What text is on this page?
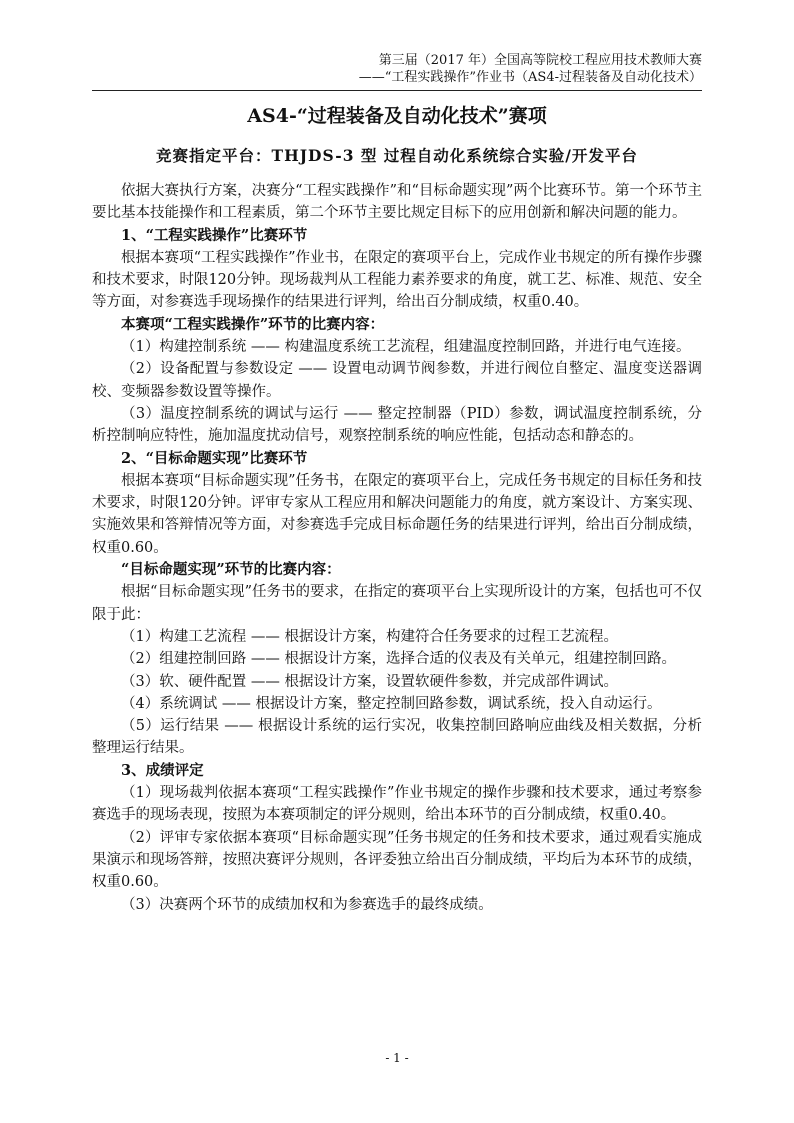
第三届（2017 年）全国高等院校工程应用技术教师大赛
——“工程实践操作”作业书（AS4-过程装备及自动化技术）
AS4-“过程装备及自动化技术”赛项
竞赛指定平台：THJDS-3 型 过程自动化系统综合实验/开发平台

依据大赛执行方案，决赛分“工程实践操作”和“目标命题实现”两个比赛环节。第一个环节主要比基本技能操作和工程素质，第二个环节主要比规定目标下的应用创新和解决问题的能力。

1、“工程实践操作”比赛环节

根据本赛项“工程实践操作”作业书，在限定的赛项平台上，完成作业书规定的所有操作步骤和技术要求，时限120分钟。现场裁判从工程能力素养要求的角度，就工艺、标准、规范、安全等方面，对参赛选手现场操作的结果进行评判，给出百分制成绩，权重0.40。

本赛项“工程实践操作”环节的比赛内容：

（1）构建控制系统 —— 构建温度系统工艺流程，组建温度控制回路，并进行电气连接。

（2）设备配置与参数设定 —— 设置电动调节阀参数，并进行阀位自整定、温度变送器调校、变频器参数设置等操作。

（3）温度控制系统的调试与运行 —— 整定控制器（PID）参数，调试温度控制系统，分析控制响应特性，施加温度扰动信号，观察控制系统的响应性能，包括动态和静态的。

2、“目标命题实现”比赛环节

根据本赛项“目标命题实现”任务书，在限定的赛项平台上，完成任务书规定的目标任务和技术要求，时限120分钟。评审专家从工程应用和解决问题能力的角度，就方案设计、方案实现、实施效果和答辩情况等方面，对参赛选手完成目标命题任务的结果进行评判，给出百分制成绩，权重0.60。

“目标命题实现”环节的比赛内容：

根据“目标命题实现”任务书的要求，在指定的赛项平台上实现所设计的方案，包括也可不仅限于此：

（1）构建工艺流程 —— 根据设计方案，构建符合任务要求的过程工艺流程。

（2）组建控制回路 —— 根据设计方案，选择合适的仪表及有关单元，组建控制回路。

（3）软、硬件配置 —— 根据设计方案，设置软硬件参数，并完成部件调试。

（4）系统调试 —— 根据设计方案，整定控制回路参数，调试系统，投入自动运行。

（5）运行结果 —— 根据设计系统的运行实况，收集控制回路响应曲线及相关数据，分析整理运行结果。

3、成绩评定

（1）现场裁判依据本赛项“工程实践操作”作业书规定的操作步骤和技术要求，通过考察参赛选手的现场表现，按照为本赛项制定的评分规则，给出本环节的百分制成绩，权重0.40。

（2）评审专家依据本赛项“目标命题实现”任务书规定的任务和技术要求，通过观看实施成果演示和现场答辩，按照决赛评分规则，各评委独立给出百分制成绩，平均后为本环节的成绩，权重0.60。

（3）决赛两个环节的成绩加权和为参赛选手的最终成绩。

- 1 -
